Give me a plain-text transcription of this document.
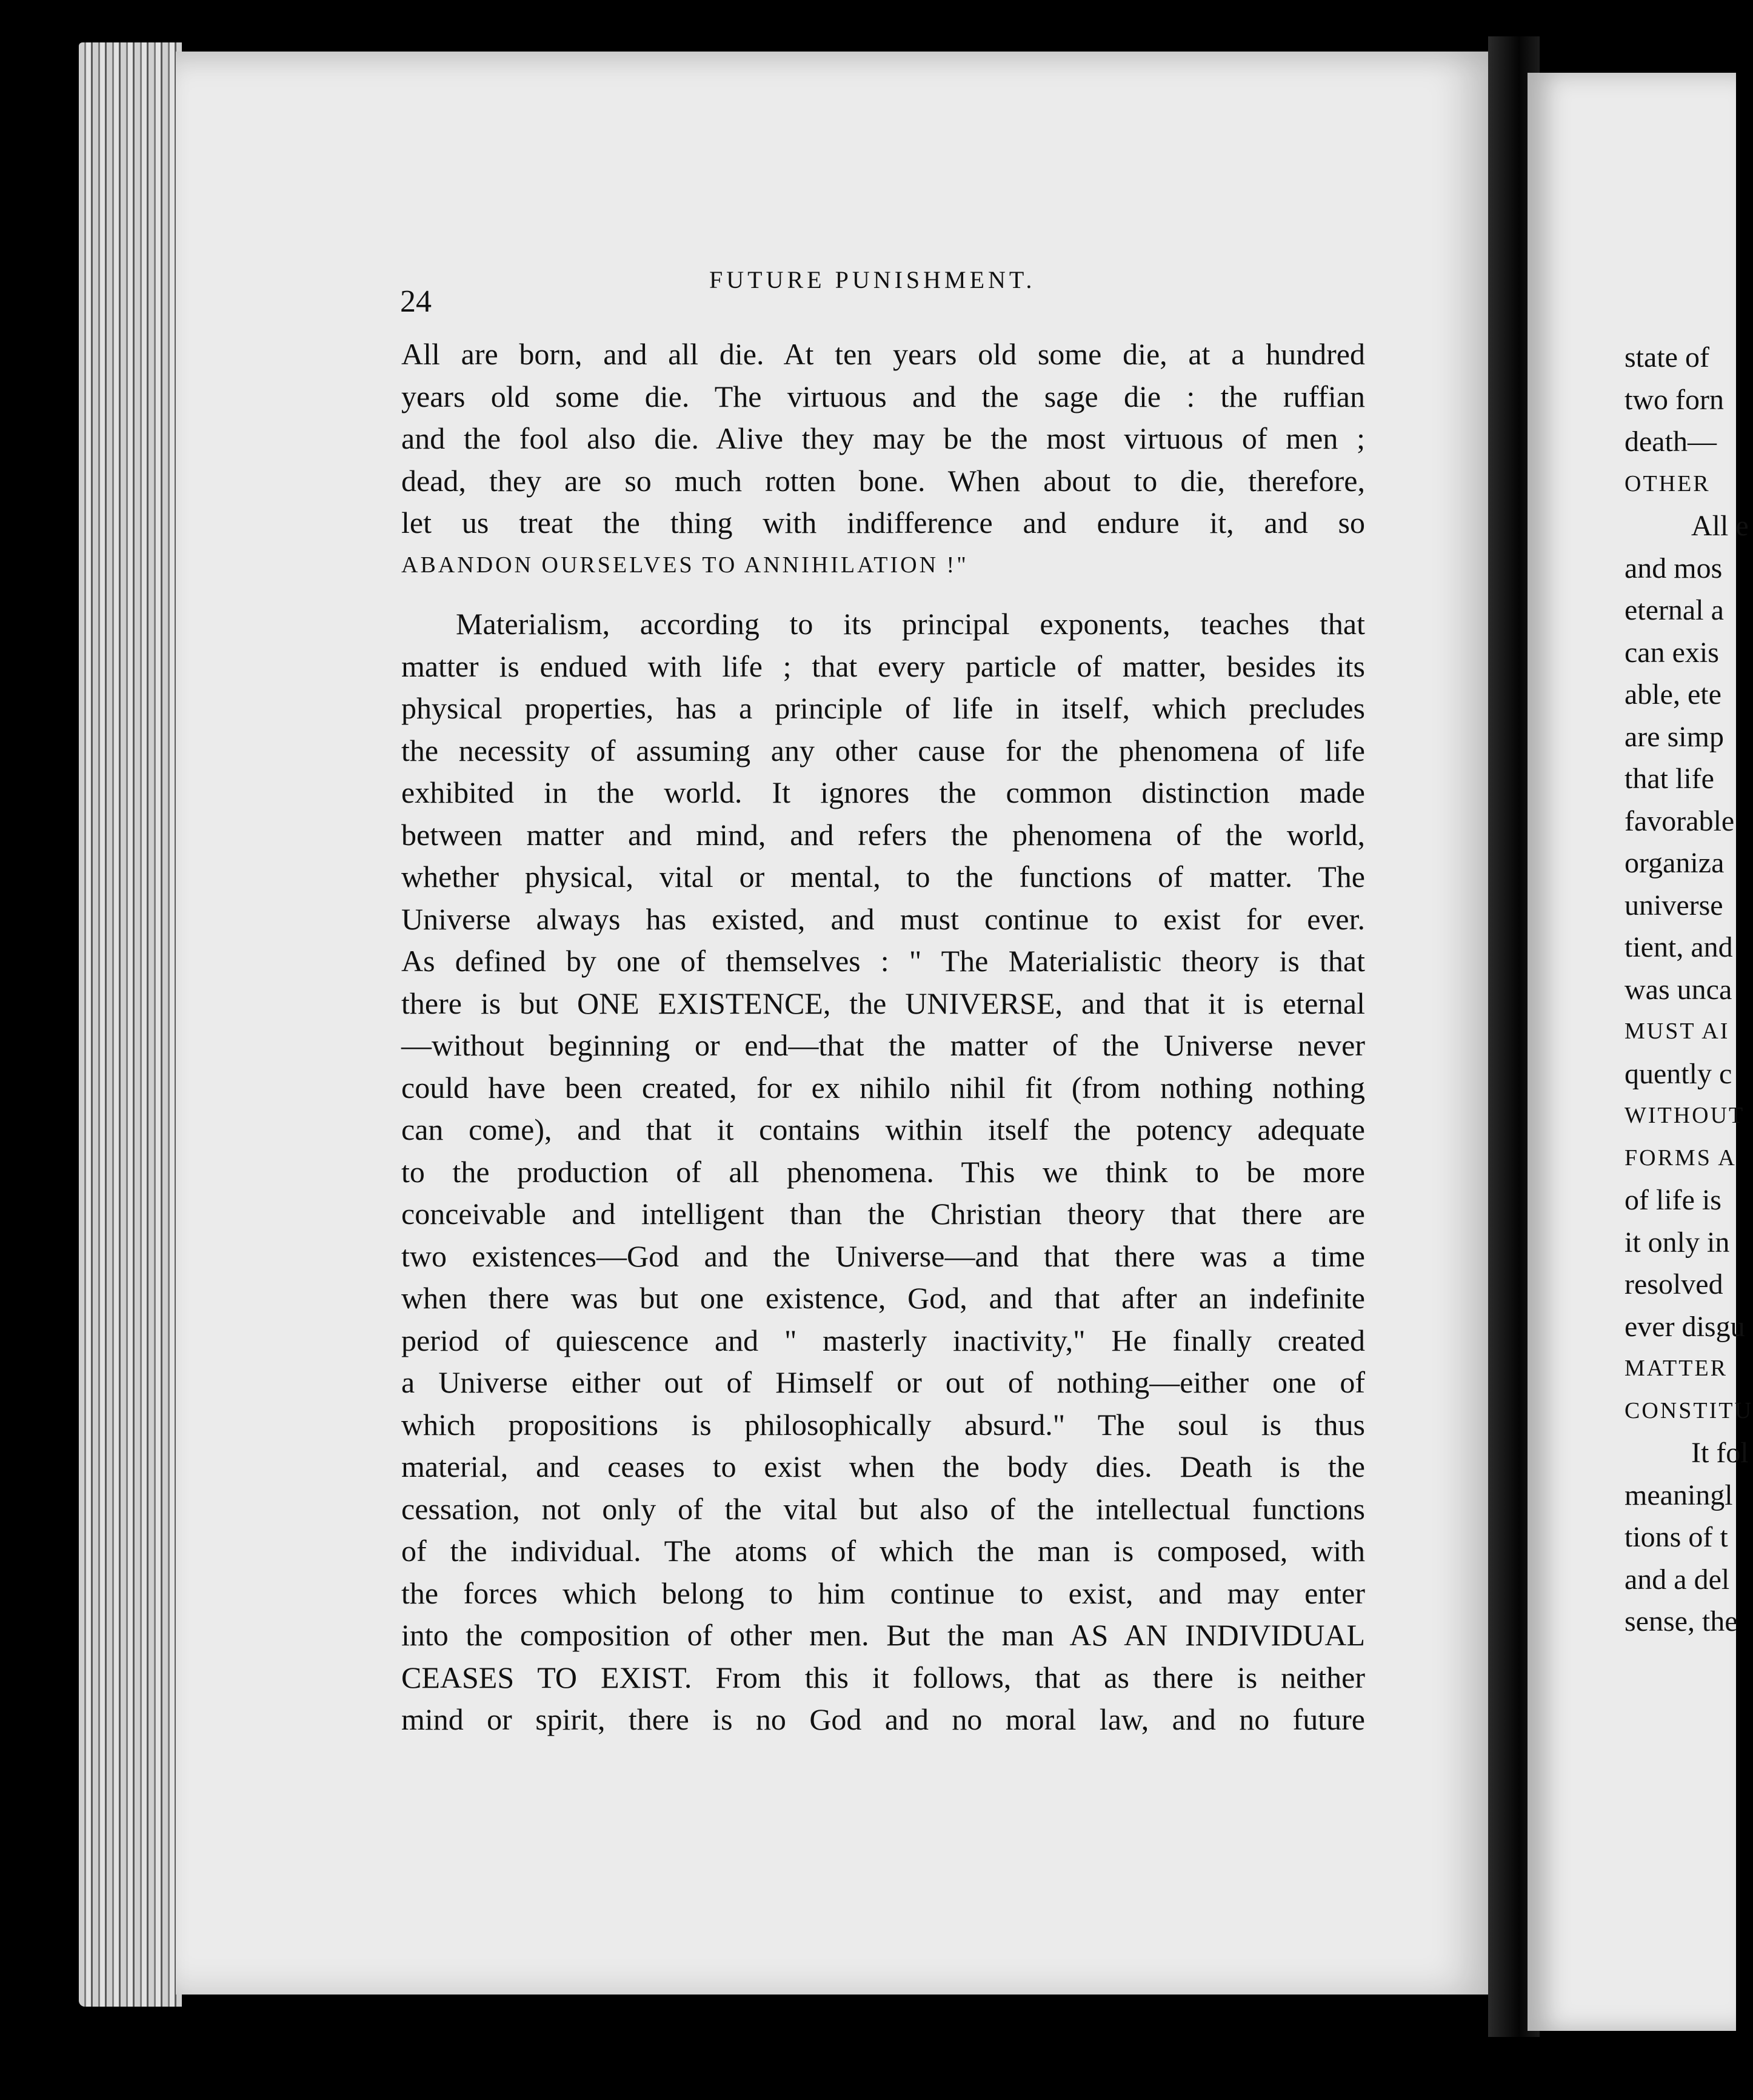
24
FUTURE PUNISHMENT.
All are born, and all die. At ten years old some die, at a hundred
years old some die. The virtuous and the sage die : the ruffian
and the fool also die. Alive they may be the most virtuous of men ;
dead, they are so much rotten bone. When about to die, therefore,
let us treat the thing with indifference and endure it, and so
ABANDON OURSELVES TO ANNIHILATION !"
Materialism, according to its principal exponents, teaches that
matter is endued with life ; that every particle of matter, besides its
physical properties, has a principle of life in itself, which precludes
the necessity of assuming any other cause for the phenomena of life
exhibited in the world. It ignores the common distinction made
between matter and mind, and refers the phenomena of the world,
whether physical, vital or mental, to the functions of matter. The
Universe always has existed, and must continue to exist for ever.
As defined by one of themselves : " The Materialistic theory is that
there is but ONE EXISTENCE, the UNIVERSE, and that it is eternal
—without beginning or end—that the matter of the Universe never
could have been created, for ex nihilo nihil fit (from nothing nothing
can come), and that it contains within itself the potency adequate
to the production of all phenomena. This we think to be more
conceivable and intelligent than the Christian theory that there are
two existences—God and the Universe—and that there was a time
when there was but one existence, God, and that after an indefinite
period of quiescence and " masterly inactivity," He finally created
a Universe either out of Himself or out of nothing—either one of
which propositions is philosophically absurd." The soul is thus
material, and ceases to exist when the body dies. Death is the
cessation, not only of the vital but also of the intellectual functions
of the individual. The atoms of which the man is composed, with
the forces which belong to him continue to exist, and may enter
into the composition of other men. But the man AS AN INDIVIDUAL
CEASES TO EXIST. From this it follows, that as there is neither
mind or spirit, there is no God and no moral law, and no future
state of
two forn
death—
OTHER
All e
and mos
eternal a
can exis
able, ete
are simp
that life
favorable
organiza
universe
tient, and
was unca
MUST AI
quently c
WITHOUT
FORMS A
of life is
it only in
resolved
ever disgu
MATTER
CONSTITU
It fol
meaningl
tions of t
and a del
sense, the
